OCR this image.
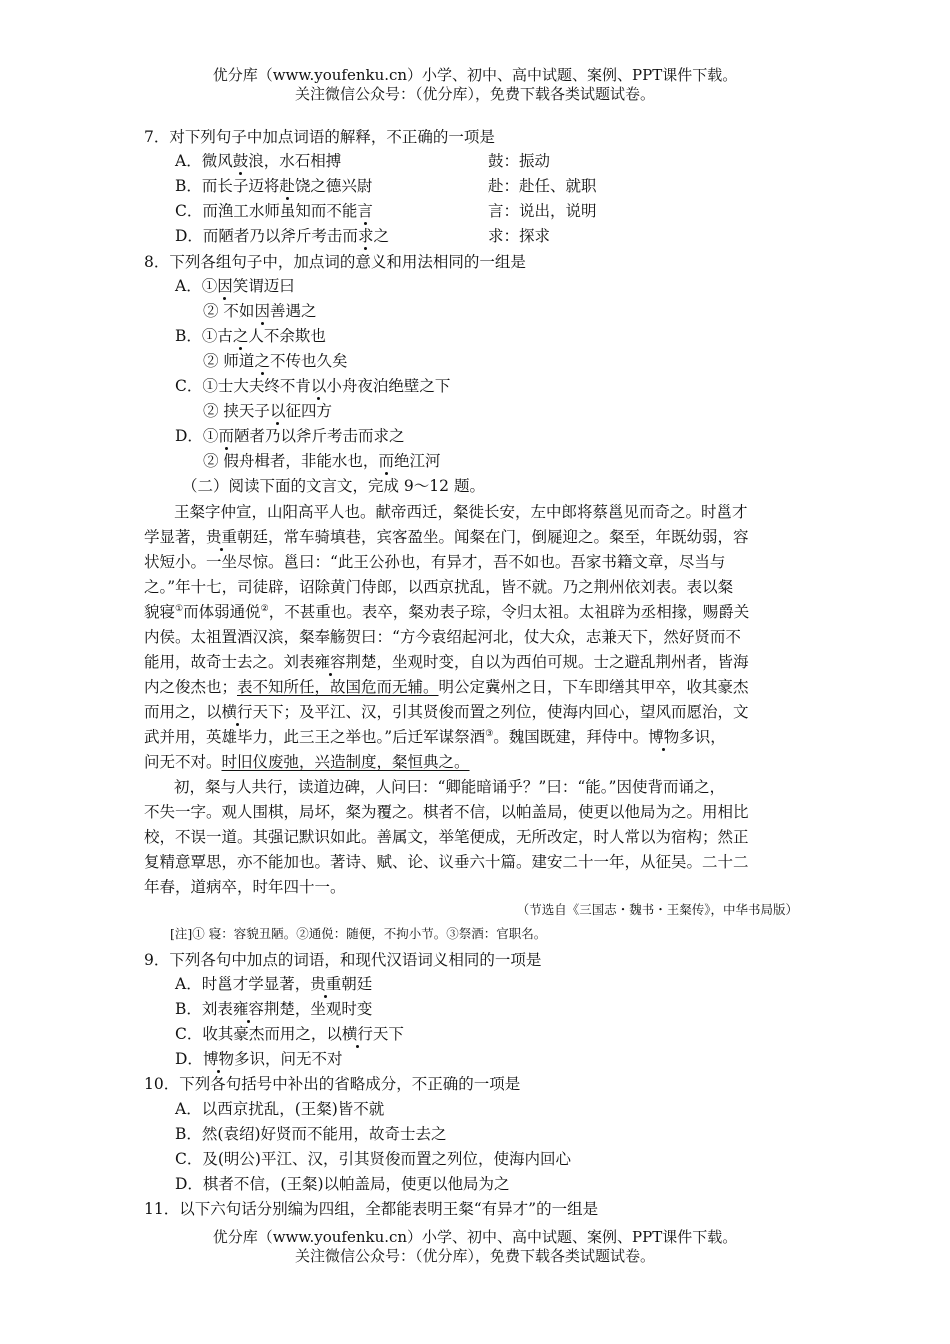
优分库（www.youfenku.cn）小学、初中、高中试题、案例、PPT课件下载。
关注微信公众号：（优分库），免费下载各类试题试卷。
7．对下列句子中加点词语的解释，不正确的一项是
A．微风鼓浪，水石相搏	鼓：振动
B．而长子迈将赴饶之德兴尉	赴：赴任、就职
C．而渔工水师虽知而不能言	言：说出，说明
D．而陋者乃以斧斤考击而求之	求：探求
8．下列各组句子中，加点词的意义和用法相同的一组是
A．①因笑谓迈曰
② 不如因善遇之
B．①古之人不余欺也
② 师道之不传也久矣
C．①士大夫终不肯以小舟夜泊绝壁之下
② 挟天子以征四方
D．①而陋者乃以斧斤考击而求之
② 假舟楫者，非能水也，而绝江河
（二）阅读下面的文言文，完成 9～12 题。
王粲字仲宣，山阳高平人也。献帝西迁，粲徙长安，左中郎将蔡邕见而奇之。时邕才
学显著，贵重朝廷，常车骑填巷，宾客盈坐。闻粲在门，倒屣迎之。粲至，年既幼弱，容
状短小。一坐尽惊。邕曰：“此王公孙也，有异才，吾不如也。吾家书籍文章，尽当与
之。”年十七，司徒辟，诏除黄门侍郎，以西京扰乱，皆不就。乃之荆州依刘表。表以粲
貌寝①而体弱通侻②，不甚重也。表卒，粲劝表子琮，令归太祖。太祖辟为丞相掾，赐爵关
内侯。太祖置酒汉滨，粲奉觞贺曰：“方今袁绍起河北，仗大众，志兼天下，然好贤而不
能用，故奇士去之。刘表雍容荆楚，坐观时变，自以为西伯可规。士之避乱荆州者，皆海
内之俊杰也；表不知所任，故国危而无辅。明公定冀州之日，下车即缮其甲卒，收其豪杰
而用之，以横行天下；及平江、汉，引其贤俊而置之列位，使海内回心，望风而愿治，文
武并用，英雄毕力，此三王之举也。”后迁军谋祭酒③。魏国既建，拜侍中。博物多识，
问无不对。时旧仪废弛，兴造制度，粲恒典之。
初，粲与人共行，读道边碑，人问曰：“卿能暗诵乎？”曰：“能。”因使背而诵之，
不失一字。观人围棋，局坏，粲为覆之。棋者不信，以帕盖局，使更以他局为之。用相比
校，不误一道。其强记默识如此。善属文，举笔便成，无所改定，时人常以为宿构；然正
复精意覃思，亦不能加也。著诗、赋、论、议垂六十篇。建安二十一年，从征吴。二十二
年春，道病卒，时年四十一。
（节选自《三国志・魏书・王粲传》，中华书局版）
[注]① 寝：容貌丑陋。②通侻：随便，不拘小节。③祭酒：官职名。
9．下列各句中加点的词语，和现代汉语词义相同的一项是
A．时邕才学显著，贵重朝廷
B．刘表雍容荆楚，坐观时变
C．收其豪杰而用之，以横行天下
D．博物多识，问无不对
10．下列各句括号中补出的省略成分，不正确的一项是
A．以西京扰乱，(王粲)皆不就
B．然(袁绍)好贤而不能用，故奇士去之
C．及(明公)平江、汉，引其贤俊而置之列位，使海内回心
D．棋者不信，(王粲)以帕盖局，使更以他局为之
11．以下六句话分别编为四组，全都能表明王粲“有异才”的一组是
优分库（www.youfenku.cn）小学、初中、高中试题、案例、PPT课件下载。
关注微信公众号：（优分库），免费下载各类试题试卷。
